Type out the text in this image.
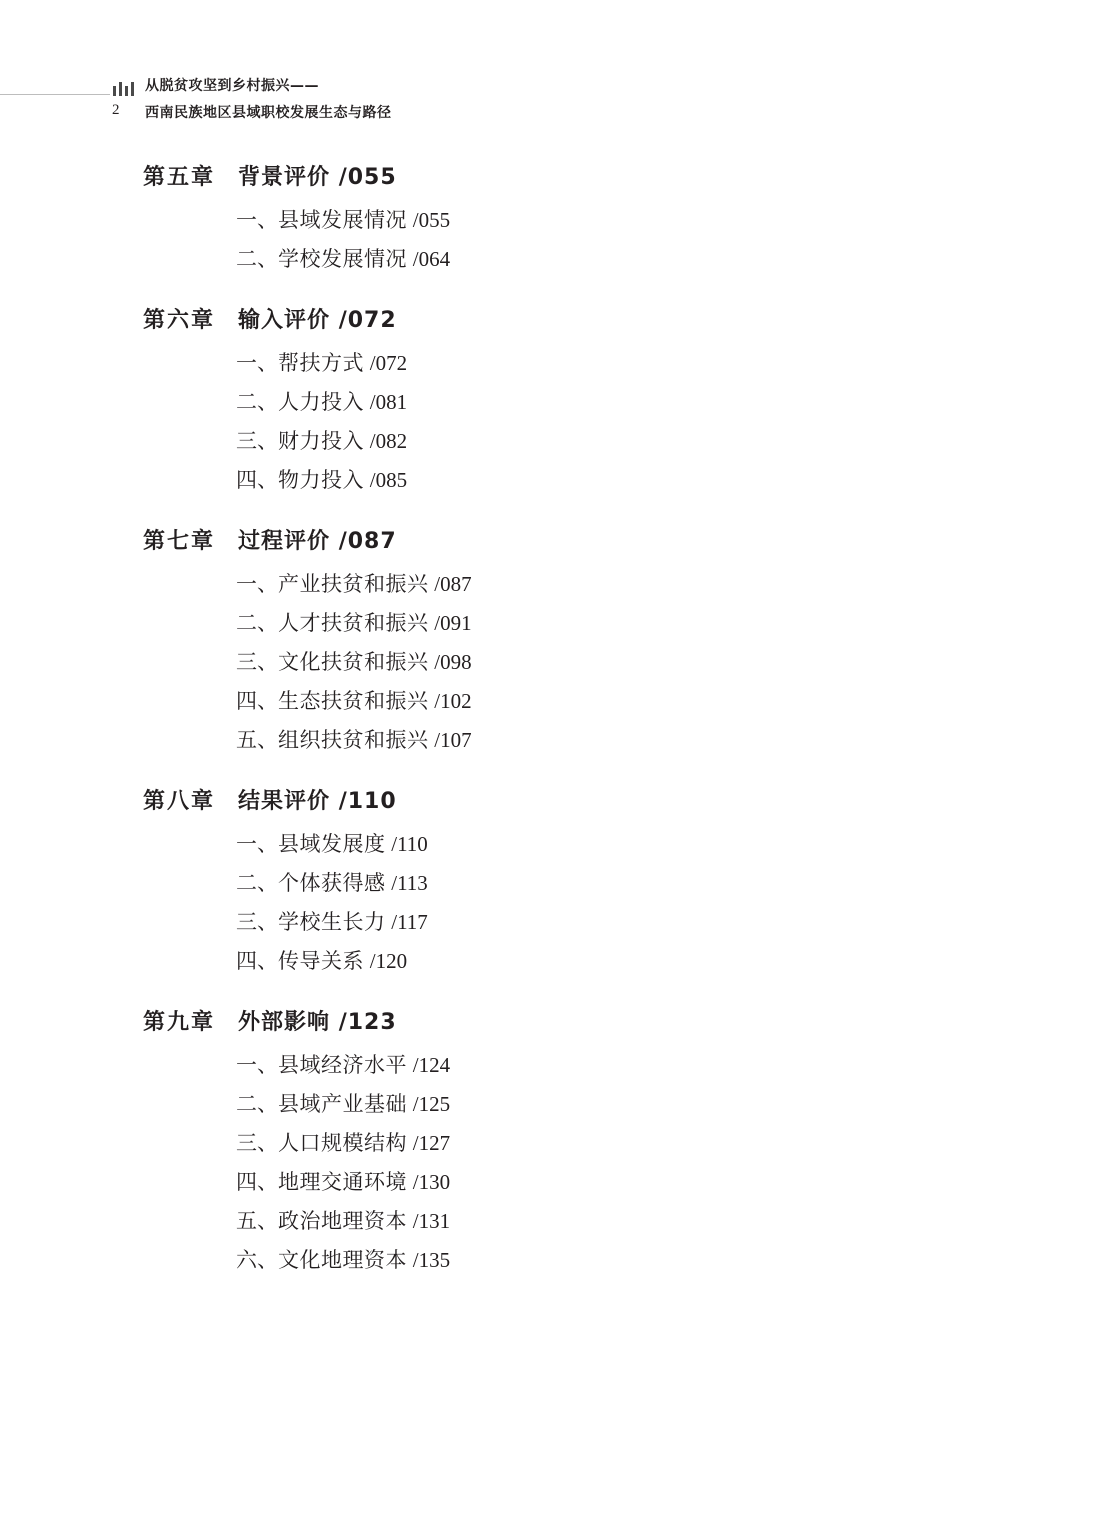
2
从脱贫攻坚到乡村振兴——
西南民族地区县域职校发展生态与路径
第五章	背景评价 /055
一、县域发展情况 /055
二、学校发展情况 /064
第六章	输入评价 /072
一、帮扶方式 /072
二、人力投入 /081
三、财力投入 /082
四、物力投入 /085
第七章	过程评价 /087
一、产业扶贫和振兴 /087
二、人才扶贫和振兴 /091
三、文化扶贫和振兴 /098
四、生态扶贫和振兴 /102
五、组织扶贫和振兴 /107
第八章	结果评价 /110
一、县域发展度 /110
二、个体获得感 /113
三、学校生长力 /117
四、传导关系 /120
第九章	外部影响 /123
一、县域经济水平 /124
二、县域产业基础 /125
三、人口规模结构 /127
四、地理交通环境 /130
五、政治地理资本 /131
六、文化地理资本 /135
